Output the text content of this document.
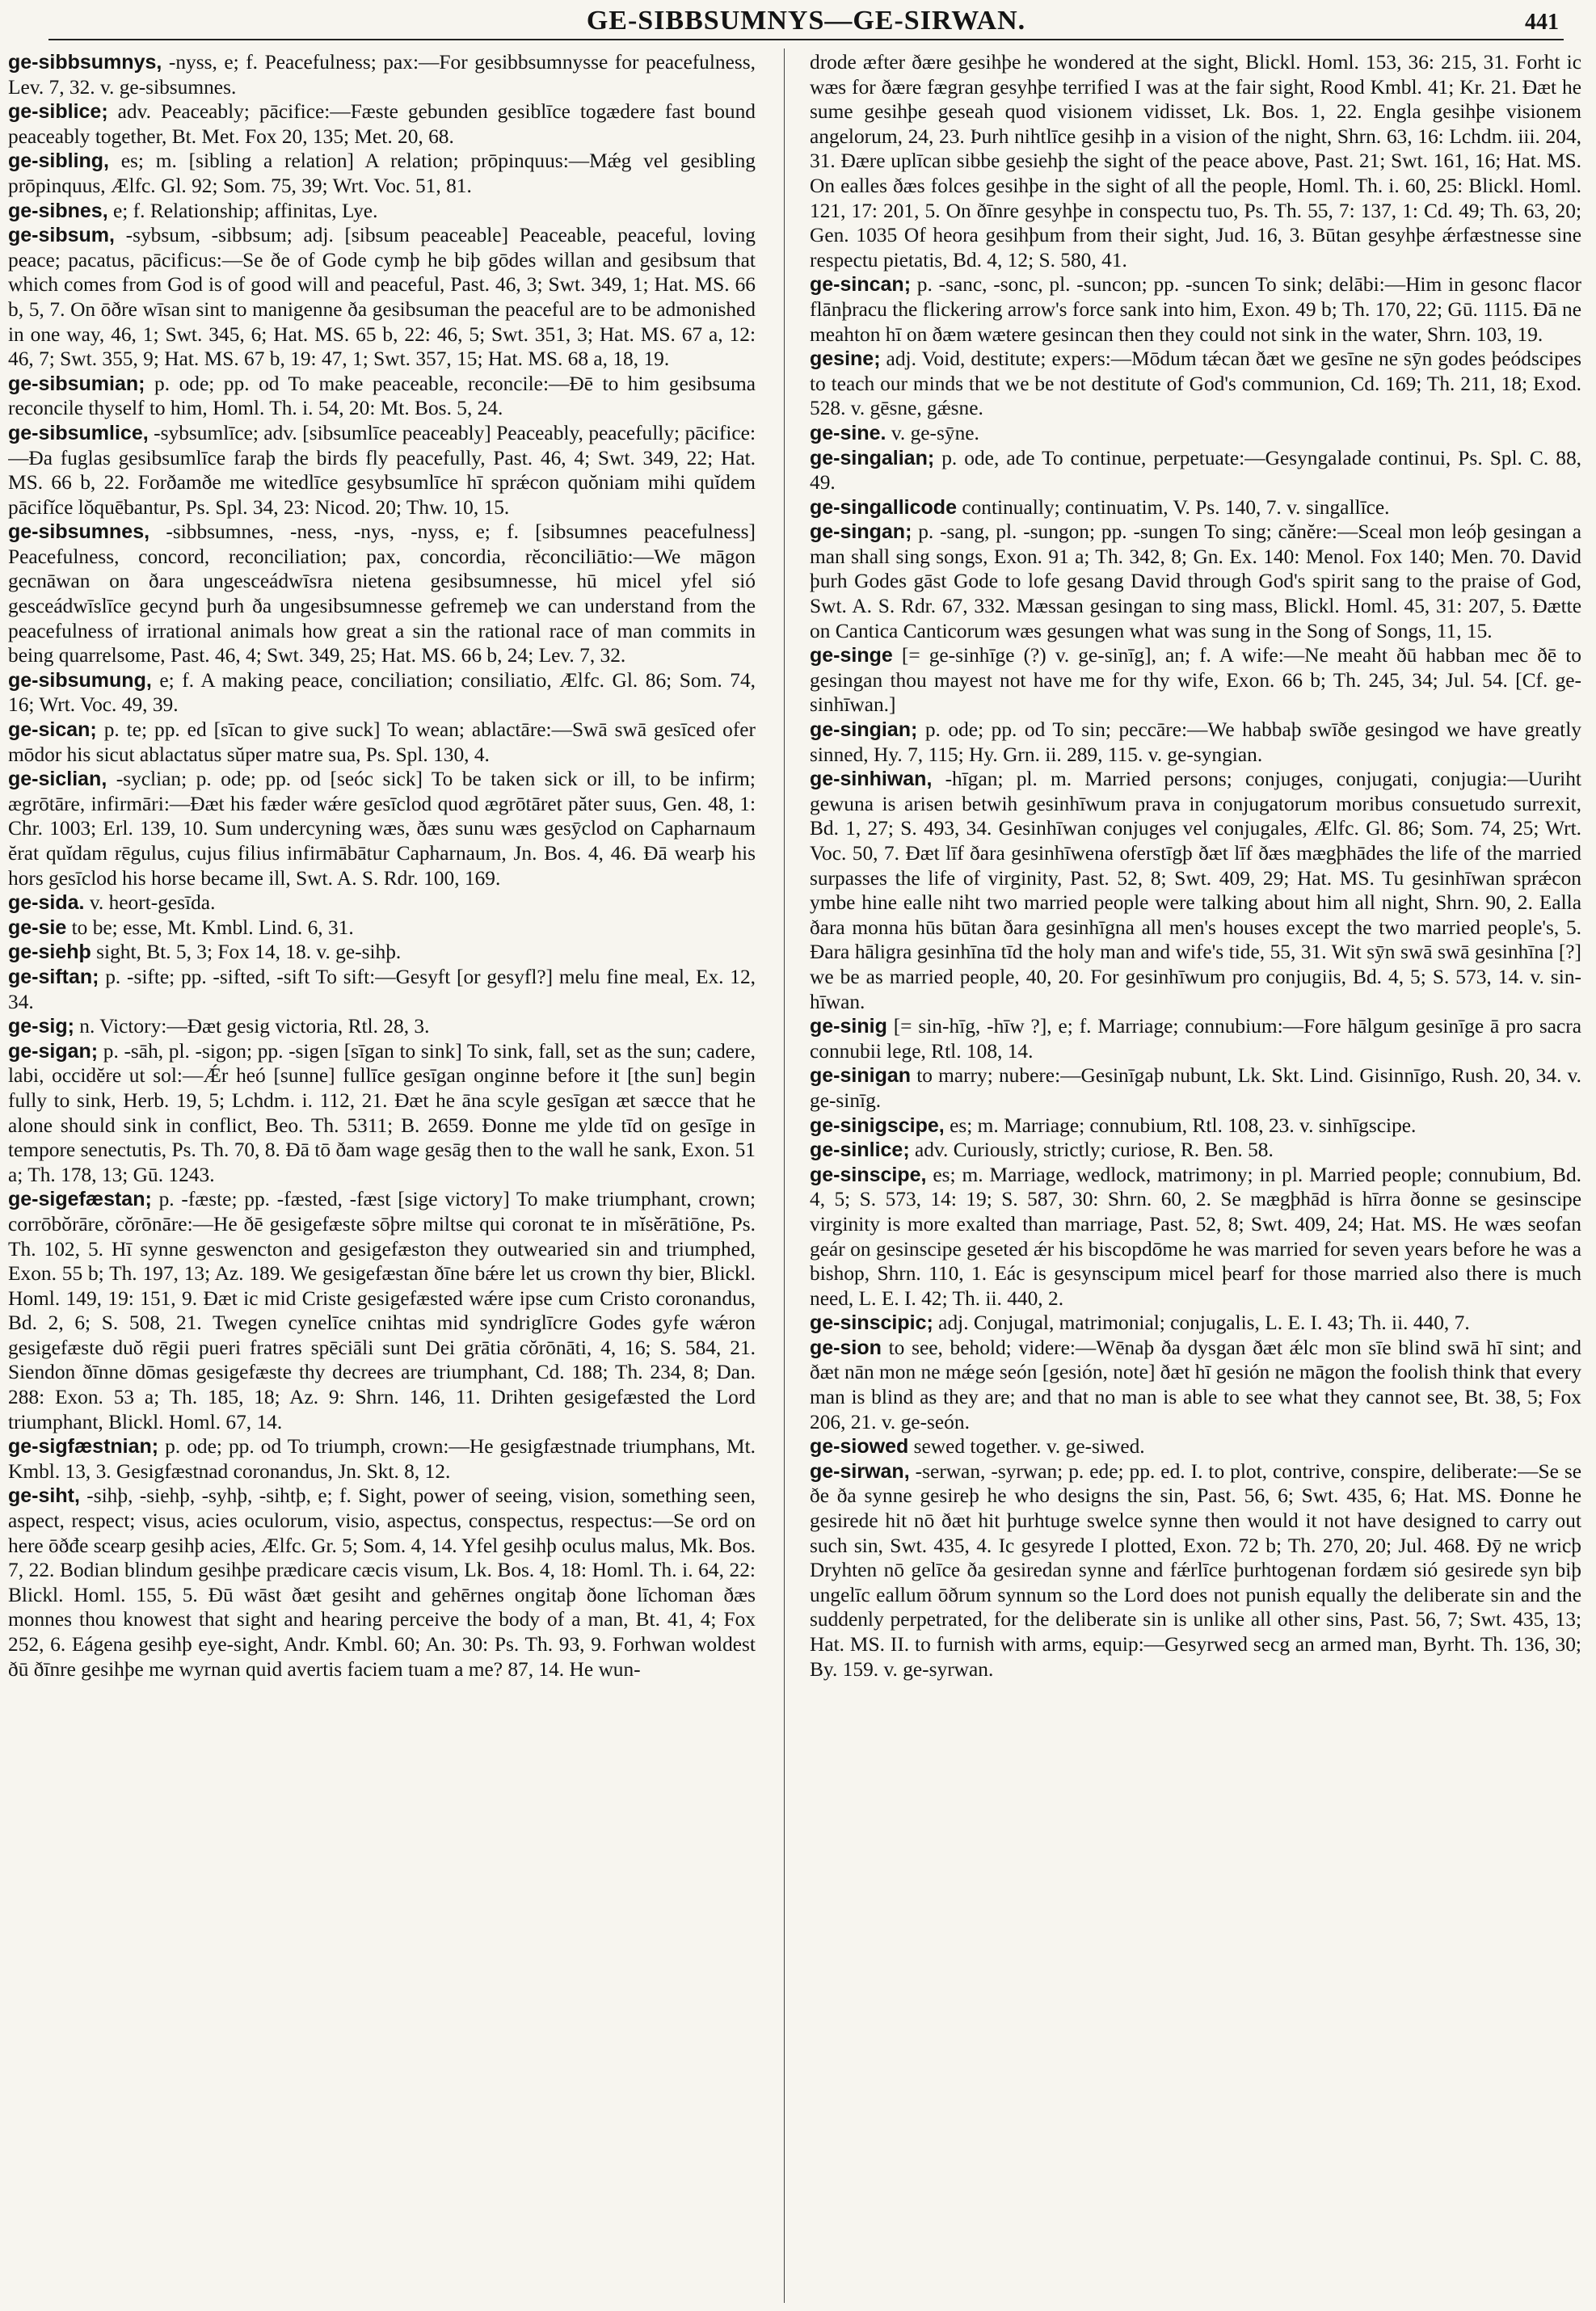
GE-SIBBSUMNYS—GE-SIRWAN.	441

ge-sibbsumnys, -nyss, e; f. Peacefulness; pax:—For gesibbsumnysse for peacefulness, Lev. 7, 32. v. ge-sibsumnes.

ge-siblice; adv. Peaceably; pācifice:—Fæste gebunden gesiblīce togædere fast bound peaceably together, Bt. Met. Fox 20, 135; Met. 20, 68.

ge-sibling, es; m. [sibling a relation] A relation; prōpinquus:—Mǽg vel gesibling prōpinquus, Ælfc. Gl. 92; Som. 75, 39; Wrt. Voc. 51, 81.

ge-sibnes, e; f. Relationship; affinitas, Lye.

ge-sibsum, -sybsum, -sibbsum; adj. [sibsum peaceable] Peaceable, peaceful, loving peace; pacatus, pācificus:—Se ðe of Gode cymþ he biþ gōdes willan and gesibsum that which comes from God is of good will and peaceful, Past. 46, 3; Swt. 349, 1; Hat. MS. 66 b, 5, 7. On ōðre wīsan sint to manigenne ða gesibsuman the peaceful are to be admonished in one way, 46, 1; Swt. 345, 6; Hat. MS. 65 b, 22: 46, 5; Swt. 351, 3; Hat. MS. 67 a, 12: 46, 7; Swt. 355, 9; Hat. MS. 67 b, 19: 47, 1; Swt. 357, 15; Hat. MS. 68 a, 18, 19.

ge-sibsumian; p. ode; pp. od To make peaceable, reconcile:—Ðē to him gesibsuma reconcile thyself to him, Homl. Th. i. 54, 20: Mt. Bos. 5, 24.

ge-sibsumlice, -sybsumlīce; adv. [sibsumlīce peaceably] Peaceably, peacefully; pācifice:—Ða fuglas gesibsumlīce faraþ the birds fly peacefully, Past. 46, 4; Swt. 349, 22; Hat. MS. 66 b, 22. Forðamðe me witedlīce gesybsumlīce hī sprǽcon quŏniam mihi quĭdem pācifĭce lŏquēbantur, Ps. Spl. 34, 23: Nicod. 20; Thw. 10, 15.

ge-sibsumnes, -sibbsumnes, -ness, -nys, -nyss, e; f. [sibsumnes peacefulness] Peacefulness, concord, reconciliation; pax, concordia, rĕconciliātio:—We māgon gecnāwan on ðara ungesceádwīsra nietena gesibsumnesse, hū micel yfel sió gesceádwīslīce gecynd þurh ða ungesibsumnesse gefremeþ we can understand from the peacefulness of irrational animals how great a sin the rational race of man commits in being quarrelsome, Past. 46, 4; Swt. 349, 25; Hat. MS. 66 b, 24; Lev. 7, 32.

ge-sibsumung, e; f. A making peace, conciliation; consiliatio, Ælfc. Gl. 86; Som. 74, 16; Wrt. Voc. 49, 39.

ge-sican; p. te; pp. ed [sīcan to give suck] To wean; ablactāre:—Swā swā gesīced ofer mōdor his sicut ablactatus sŭper matre sua, Ps. Spl. 130, 4.

ge-siclian, -syclian; p. ode; pp. od [seóc sick] To be taken sick or ill, to be infirm; ægrōtāre, infirmāri:—Ðæt his fæder wǽre gesīclod quod ægrōtāret păter suus, Gen. 48, 1: Chr. 1003; Erl. 139, 10. Sum undercyning wæs, ðæs sunu wæs gesȳclod on Capharnaum ĕrat quĭdam rēgulus, cujus filius infirmābātur Capharnaum, Jn. Bos. 4, 46. Ðā wearþ his hors gesīclod his horse became ill, Swt. A. S. Rdr. 100, 169.

ge-sida. v. heort-gesīda.

ge-sie to be; esse, Mt. Kmbl. Lind. 6, 31.

ge-siehþ sight, Bt. 5, 3; Fox 14, 18. v. ge-sihþ.

ge-siftan; p. -sifte; pp. -sifted, -sift To sift:—Gesyft [or gesyfl?] melu fine meal, Ex. 12, 34.

ge-sig; n. Victory:—Ðæt gesig victoria, Rtl. 28, 3.

ge-sigan; p. -sāh, pl. -sigon; pp. -sigen [sīgan to sink] To sink, fall, set as the sun; cadere, labi, occidĕre ut sol:—Ǽr heó [sunne] fullīce gesīgan onginne before it [the sun] begin fully to sink, Herb. 19, 5; Lchdm. i. 112, 21. Ðæt he āna scyle gesīgan æt sæcce that he alone should sink in conflict, Beo. Th. 5311; B. 2659. Ðonne me ylde tīd on gesīge in tempore senectutis, Ps. Th. 70, 8. Ðā tō ðam wage gesāg then to the wall he sank, Exon. 51 a; Th. 178, 13; Gū. 1243.

ge-sigefæstan; p. -fæste; pp. -fæsted, -fæst [sige victory] To make triumphant, crown; corrōbŏrāre, cŏrōnāre:—He ðē gesigefæste sōþre miltse qui coronat te in mĭsĕrātiōne, Ps. Th. 102, 5. Hī synne geswencton and gesigefæston they outwearied sin and triumphed, Exon. 55 b; Th. 197, 13; Az. 189. We gesigefæstan ðīne bǽre let us crown thy bier, Blickl. Homl. 149, 19: 151, 9. Ðæt ic mid Criste gesigefæsted wǽre ipse cum Cristo coronandus, Bd. 2, 6; S. 508, 21. Twegen cynelīce cnihtas mid syndriglīcre Godes gyfe wǽron gesigefæste duŏ rēgii pueri fratres spēciāli sunt Dei grātia cŏrōnāti, 4, 16; S. 584, 21. Siendon ðīnne dōmas gesigefæste thy decrees are triumphant, Cd. 188; Th. 234, 8; Dan. 288: Exon. 53 a; Th. 185, 18; Az. 9: Shrn. 146, 11. Drihten gesigefæsted the Lord triumphant, Blickl. Homl. 67, 14.

ge-sigfæstnian; p. ode; pp. od To triumph, crown:—He gesigfæstnade triumphans, Mt. Kmbl. 13, 3. Gesigfæstnad coronandus, Jn. Skt. 8, 12.

ge-siht, -sihþ, -siehþ, -syhþ, -sihtþ, e; f. Sight, power of seeing, vision, something seen, aspect, respect; visus, acies oculorum, visio, aspectus, conspectus, respectus:—Se ord on here ōðđe scearp gesihþ acies, Ælfc. Gr. 5; Som. 4, 14. Yfel gesihþ oculus malus, Mk. Bos. 7, 22. Bodian blindum gesihþe prædicare cæcis visum, Lk. Bos. 4, 18: Homl. Th. i. 64, 22: Blickl. Homl. 155, 5. Ðū wāst ðæt gesiht and gehērnes ongitaþ ðone līchoman ðæs monnes thou knowest that sight and hearing perceive the body of a man, Bt. 41, 4; Fox 252, 6. Eágena gesihþ eye-sight, Andr. Kmbl. 60; An. 30: Ps. Th. 93, 9. Forhwan woldest ðū ðīnre gesihþe me wyrnan quid avertis faciem tuam a me? 87, 14. He wun-

drode æfter ðære gesihþe he wondered at the sight, Blickl. Homl. 153, 36: 215, 31. Forht ic wæs for ðære fægran gesyhþe terrified I was at the fair sight, Rood Kmbl. 41; Kr. 21. Ðæt he sume gesihþe geseah quod visionem vidisset, Lk. Bos. 1, 22. Engla gesihþe visionem angelorum, 24, 23. Þurh nihtlīce gesihþ in a vision of the night, Shrn. 63, 16: Lchdm. iii. 204, 31. Ðære uplīcan sibbe gesiehþ the sight of the peace above, Past. 21; Swt. 161, 16; Hat. MS. On ealles ðæs folces gesihþe in the sight of all the people, Homl. Th. i. 60, 25: Blickl. Homl. 121, 17: 201, 5. On ðīnre gesyhþe in conspectu tuo, Ps. Th. 55, 7: 137, 1: Cd. 49; Th. 63, 20; Gen. 1035 Of heora gesihþum from their sight, Jud. 16, 3. Būtan gesyhþe ǽrfæstnesse sine respectu pietatis, Bd. 4, 12; S. 580, 41.

ge-sincan; p. -sanc, -sonc, pl. -suncon; pp. -suncen To sink; delābi:—Him in gesonc flacor flānþracu the flickering arrow's force sank into him, Exon. 49 b; Th. 170, 22; Gū. 1115. Ðā ne meahton hī on ðæm wætere gesincan then they could not sink in the water, Shrn. 103, 19.

gesine; adj. Void, destitute; expers:—Mōdum tǽcan ðæt we gesīne ne sȳn godes þeódscipes to teach our minds that we be not destitute of God's communion, Cd. 169; Th. 211, 18; Exod. 528. v. gēsne, gǽsne.

ge-sine. v. ge-sȳne.

ge-singalian; p. ode, ade To continue, perpetuate:—Gesyngalade continui, Ps. Spl. C. 88, 49.

ge-singallicode continually; continuatim, V. Ps. 140, 7. v. singallīce.

ge-singan; p. -sang, pl. -sungon; pp. -sungen To sing; cănĕre:—Sceal mon leóþ gesingan a man shall sing songs, Exon. 91 a; Th. 342, 8; Gn. Ex. 140: Menol. Fox 140; Men. 70. David þurh Godes gāst Gode to lofe gesang David through God's spirit sang to the praise of God, Swt. A. S. Rdr. 67, 332. Mæssan gesingan to sing mass, Blickl. Homl. 45, 31: 207, 5. Ðætte on Cantica Canticorum wæs gesungen what was sung in the Song of Songs, 11, 15.

ge-singe [= ge-sinhīge (?) v. ge-sinīg], an; f. A wife:—Ne meaht ðū habban mec ðē to gesingan thou mayest not have me for thy wife, Exon. 66 b; Th. 245, 34; Jul. 54. [Cf. ge-sinhīwan.]

ge-singian; p. ode; pp. od To sin; peccāre:—We habbaþ swīðe gesingod we have greatly sinned, Hy. 7, 115; Hy. Grn. ii. 289, 115. v. ge-syngian.

ge-sinhiwan, -hīgan; pl. m. Married persons; conjuges, conjugati, conjugia:—Uuriht gewuna is arisen betwih gesinhīwum prava in conjugatorum moribus consuetudo surrexit, Bd. 1, 27; S. 493, 34. Gesinhīwan conjuges vel conjugales, Ælfc. Gl. 86; Som. 74, 25; Wrt. Voc. 50, 7. Ðæt līf ðara gesinhīwena oferstīgþ ðæt līf ðæs mægþhādes the life of the married surpasses the life of virginity, Past. 52, 8; Swt. 409, 29; Hat. MS. Tu gesinhīwan sprǽcon ymbe hine ealle niht two married people were talking about him all night, Shrn. 90, 2. Ealla ðara monna hūs būtan ðara gesinhīgna all men's houses except the two married people's, 5. Ðara hāligra gesinhīna tīd the holy man and wife's tide, 55, 31. Wit sȳn swā swā gesinhīna [?] we be as married people, 40, 20. For gesinhīwum pro conjugiis, Bd. 4, 5; S. 573, 14. v. sin-hīwan.

ge-sinig [= sin-hīg, -hīw ?], e; f. Marriage; connubium:—Fore hālgum gesinīge ā pro sacra connubii lege, Rtl. 108, 14.

ge-sinigan to marry; nubere:—Gesinīgaþ nubunt, Lk. Skt. Lind. Gisinnīgo, Rush. 20, 34. v. ge-sinīg.

ge-sinigscipe, es; m. Marriage; connubium, Rtl. 108, 23. v. sinhīgscipe.

ge-sinlice; adv. Curiously, strictly; curiose, R. Ben. 58.

ge-sinscipe, es; m. Marriage, wedlock, matrimony; in pl. Married people; connubium, Bd. 4, 5; S. 573, 14: 19; S. 587, 30: Shrn. 60, 2. Se mægþhād is hīrra ðonne se gesinscipe virginity is more exalted than marriage, Past. 52, 8; Swt. 409, 24; Hat. MS. He wæs seofan geár on gesinscipe geseted ǽr his biscopdōme he was married for seven years before he was a bishop, Shrn. 110, 1. Eác is gesynscipum micel þearf for those married also there is much need, L. E. I. 42; Th. ii. 440, 2.

ge-sinscipic; adj. Conjugal, matrimonial; conjugalis, L. E. I. 43; Th. ii. 440, 7.

ge-sion to see, behold; videre:—Wēnaþ ða dysgan ðæt ǽlc mon sīe blind swā hī sint; and ðæt nān mon ne mǽge seón [gesión, note] ðæt hī gesión ne māgon the foolish think that every man is blind as they are; and that no man is able to see what they cannot see, Bt. 38, 5; Fox 206, 21. v. ge-seón.

ge-siowed sewed together. v. ge-siwed.

ge-sirwan, -serwan, -syrwan; p. ede; pp. ed. I. to plot, contrive, conspire, deliberate:—Se se ðe ða synne gesireþ he who designs the sin, Past. 56, 6; Swt. 435, 6; Hat. MS. Ðonne he gesirede hit nō ðæt hit þurhtuge swelce synne then would it not have designed to carry out such sin, Swt. 435, 4. Ic gesyrede I plotted, Exon. 72 b; Th. 270, 20; Jul. 468. Ðȳ ne wricþ Dryhten nō gelīce ða gesiredan synne and fǽrlīce þurhtogenan fordæm sió gesirede syn biþ ungelīc eallum ōðrum synnum so the Lord does not punish equally the deliberate sin and the suddenly perpetrated, for the deliberate sin is unlike all other sins, Past. 56, 7; Swt. 435, 13; Hat. MS. II. to furnish with arms, equip:—Gesyrwed secg an armed man, Byrht. Th. 136, 30; By. 159. v. ge-syrwan.
